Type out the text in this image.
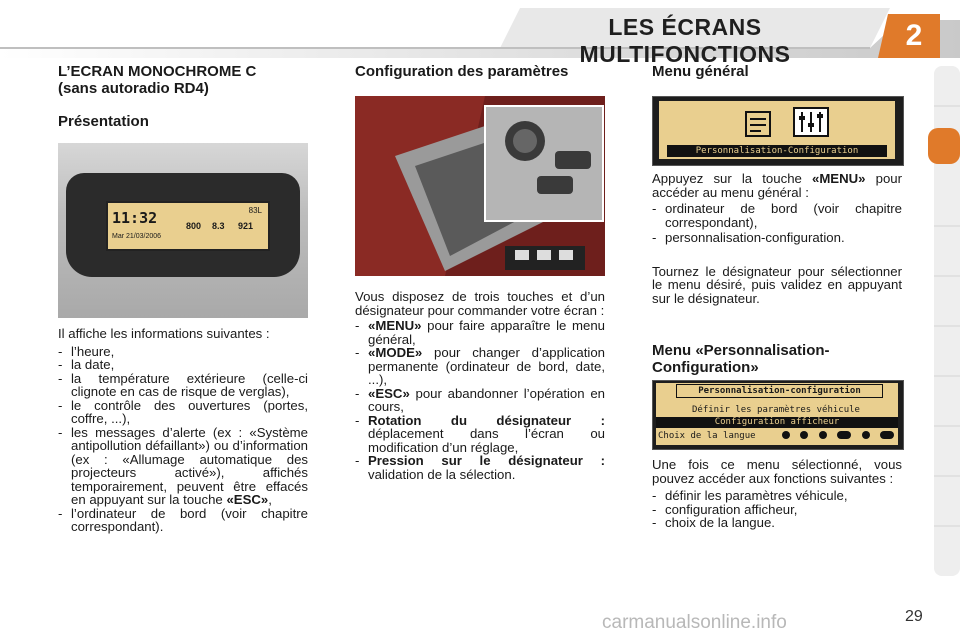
LES ÉCRANS MULTIFONCTIONS
2
L’ECRAN MONOCHROME C
(sans autoradio RD4)
Présentation
11:32
Mar 21/03/2006
83L
800 8.3 921

Il affiche les informations suivantes :

- l’heure,
- la date,
- la température extérieure (celle-ci clignote en cas de risque de verglas),
- le contrôle des ouvertures (portes, coffre, ...),
- les messages d’alerte (ex : «Système antipollution défaillant») ou d’information (ex : «Allumage automatique des projecteurs activé»), affichés temporairement, peuvent être effacés en appuyant sur la touche «ESC»,
- l’ordinateur de bord (voir chapitre correspondant).
Configuration des paramètres

Vous disposez de trois touches et d’un désignateur pour commander votre écran :

- «MENU» pour faire apparaître le menu général,
- «MODE» pour changer d’application permanente (ordinateur de bord, date, ...),
- «ESC» pour abandonner l’opération en cours,
- Rotation du désignateur : déplacement dans l’écran ou modification d’un réglage,
- Pression sur le désignateur : validation de la sélection.
Menu général
Personnalisation-Configuration

Appuyez sur la touche «MENU» pour accéder au menu général :

- ordinateur de bord (voir chapitre correspondant),
- personnalisation-configuration.

Tournez le désignateur pour sélectionner le menu désiré, puis validez en appuyant sur le désignateur.

Menu «Personnalisation-
Configuration»
Personnalisation-configuration
Définir les paramètres véhicule
Configuration afficheur
Choix de la langue

Une fois ce menu sélectionné, vous pouvez accéder aux fonctions suivantes :

- définir les paramètres véhicule,
- configuration afficheur,
- choix de la langue.
carmanualsonline.info	29
